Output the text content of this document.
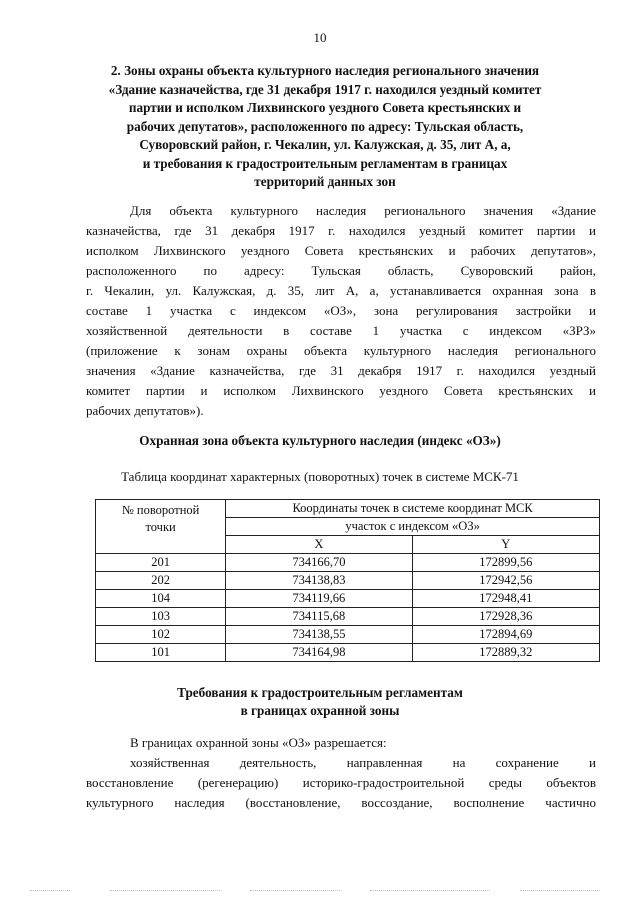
10
2. Зоны охраны объекта культурного наследия регионального значения
«Здание казначейства, где 31 декабря 1917 г. находился уездный комитет
партии и исполком Лихвинского уездного Совета крестьянских и
рабочих депутатов», расположенного по адресу: Тульская область,
Суворовский район, г. Чекалин, ул. Калужская, д. 35, лит А, а,
и требования к градостроительным регламентам в границах
территорий данных зон
Для объекта культурного наследия регионального значения «Здание
казначейства, где 31 декабря 1917 г. находился уездный комитет партии и
исполком Лихвинского уездного Совета крестьянских и рабочих депутатов»,
расположенного по адресу: Тульская область, Суворовский район,
г. Чекалин, ул. Калужская, д. 35, лит А, а, устанавливается охранная зона в
составе 1 участка с индексом «ОЗ», зона регулирования застройки и
хозяйственной деятельности в составе 1 участка с индексом «ЗРЗ»
(приложение к зонам охраны объекта культурного наследия регионального
значения «Здание казначейства, где 31 декабря 1917 г. находился уездный
комитет партии и исполком Лихвинского уездного Совета крестьянских и
рабочих депутатов»).
Охранная зона объекта культурного наследия (индекс «ОЗ»)
Таблица координат характерных (поворотных) точек в системе МСК-71
№ поворотной
точки	Координаты точек в системе координат МСК	
	участок с индексом «ОЗ»	
	X	Y
201	734166,70	172899,56
202	734138,83	172942,56
104	734119,66	172948,41
103	734115,68	172928,36
102	734138,55	172894,69
101	734164,98	172889,32
Требования к градостроительным регламентам
в границах охранной зоны
В границах охранной зоны «ОЗ» разрешается:
хозяйственная деятельность, направленная на сохранение и
восстановление (регенерацию) историко-градостроительной среды объектов
культурного наследия (восстановление, воссоздание, восполнение частично
